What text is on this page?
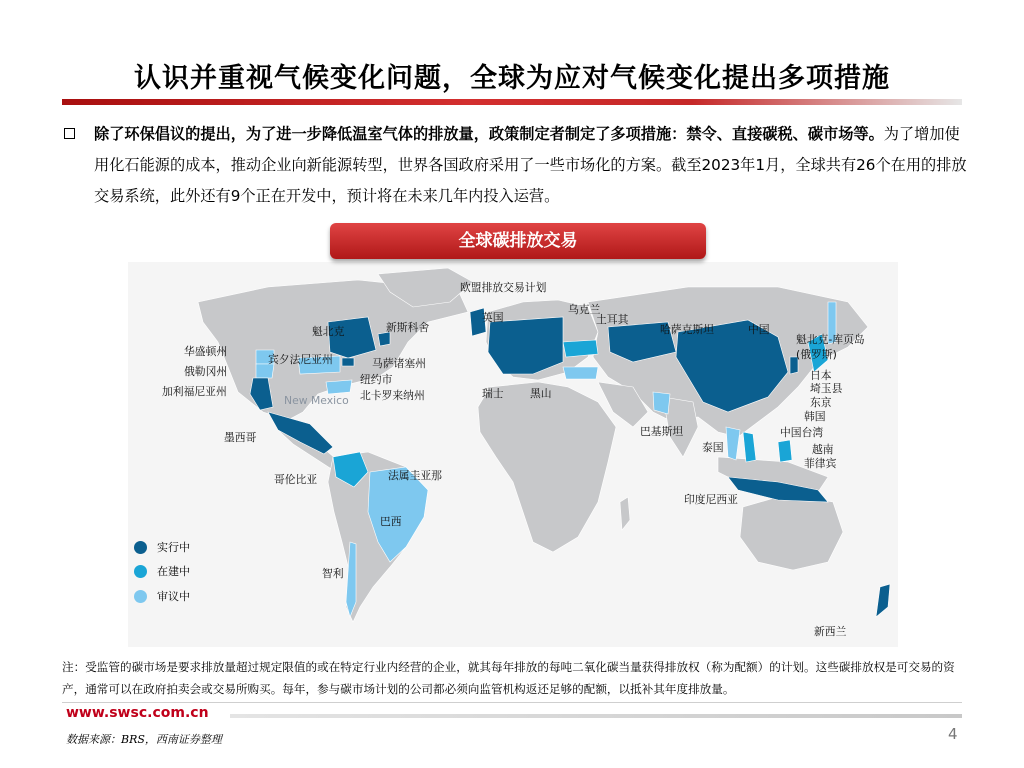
认识并重视气候变化问题，全球为应对气候变化提出多项措施
除了环保倡议的提出，为了进一步降低温室气体的排放量，政策制定者制定了多项措施：禁令、直接碳税、碳市场等。为了增加使用化石能源的成本，推动企业向新能源转型，世界各国政府采用了一些市场化的方案。截至2023年1月，全球共有26个在用的排放交易系统，此外还有9个正在开发中，预计将在未来几年内投入运营。
欧盟排放交易计划
英国
乌克兰
土耳其
哈萨克斯坦	中国
魁北克-库页岛
(俄罗斯)
日本
埼玉县
东京
韩国
中国台湾
越南
菲律宾
泰国
巴基斯坦
印度尼西亚
新西兰
瑞士 黑山
魁北克	新斯科舍
华盛顿州
宾夕法尼亚州	马萨诸塞州
俄勒冈州
纽约市
加利福尼亚州	北卡罗来纳州
New Mexico
墨西哥
哥伦比亚	法属圭亚那
巴西
智利
实行中
在建中
审议中
全球碳排放交易
注：受监管的碳市场是要求排放量超过规定限值的或在特定行业内经营的企业，就其每年排放的每吨二氧化碳当量获得排放权（称为配额）的计划。这些碳排放权是可交易的资产，通常可以在政府拍卖会或交易所购买。每年，参与碳市场计划的公司都必须向监管机构返还足够的配额，以抵补其年度排放量。
www.swsc.com.cn
数据来源：BRS，西南证券整理	4
